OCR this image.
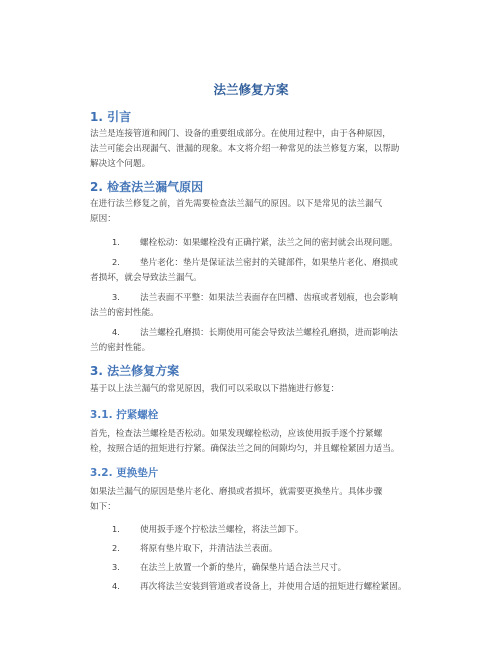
法兰修复方案
1. 引言

法兰是连接管道和阀门、设备的重要组成部分。在使用过程中，由于各种原因，
法兰可能会出现漏气、泄漏的现象。本文将介绍一种常见的法兰修复方案，以帮助
解决这个问题。

2. 检查法兰漏气原因

在进行法兰修复之前，首先需要检查法兰漏气的原因。以下是常见的法兰漏气
原因：

1. 螺栓松动：如果螺栓没有正确拧紧，法兰之间的密封就会出现问题。
2. 垫片老化：垫片是保证法兰密封的关键部件，如果垫片老化、磨损或
者损坏，就会导致法兰漏气。
3. 法兰表面不平整：如果法兰表面存在凹槽、齿痕或者划痕，也会影响
法兰的密封性能。
4. 法兰螺栓孔磨损：长期使用可能会导致法兰螺栓孔磨损，进而影响法
兰的密封性能。
3. 法兰修复方案

基于以上法兰漏气的常见原因，我们可以采取以下措施进行修复：

3.1. 拧紧螺栓

首先，检查法兰螺栓是否松动。如果发现螺栓松动，应该使用扳手逐个拧紧螺
栓，按照合适的扭矩进行拧紧。确保法兰之间的间隙均匀，并且螺栓紧固力适当。

3.2. 更换垫片

如果法兰漏气的原因是垫片老化、磨损或者损坏，就需要更换垫片。具体步骤
如下：

1. 使用扳手逐个拧松法兰螺栓，将法兰卸下。
2. 将原有垫片取下，并清洁法兰表面。
3. 在法兰上放置一个新的垫片，确保垫片适合法兰尺寸。
4. 再次将法兰安装到管道或者设备上，并使用合适的扭矩进行螺栓紧固。
